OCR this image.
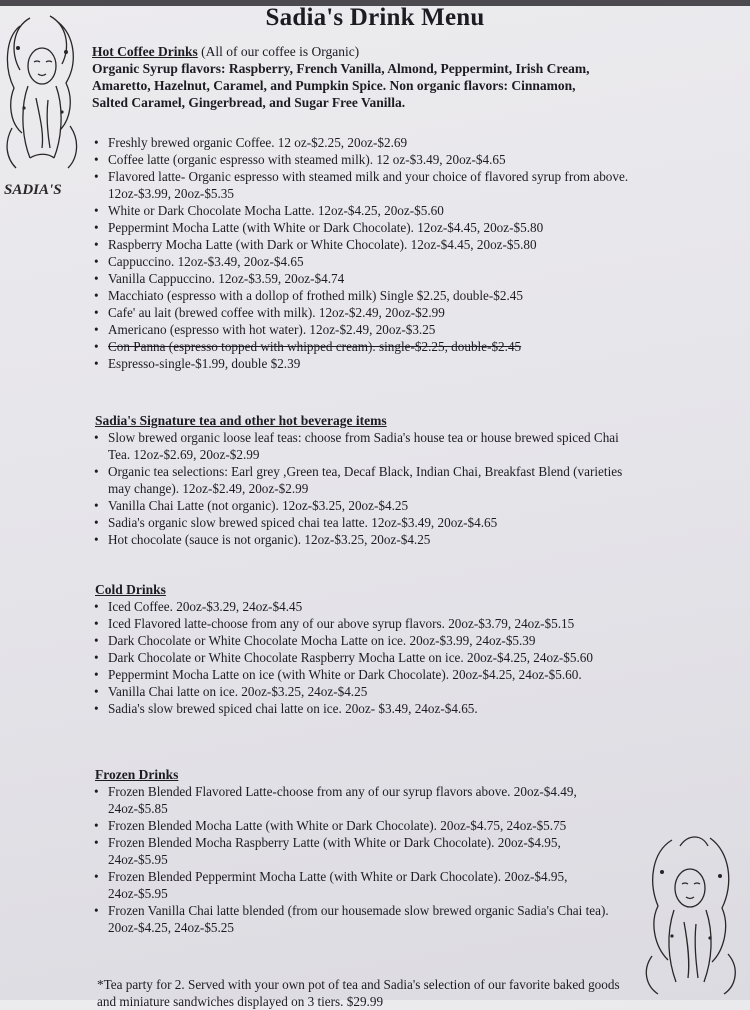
SADIA'S
Sadia's Drink Menu
Hot Coffee Drinks (All of our coffee is Organic)
Organic Syrup flavors: Raspberry, French Vanilla, Almond, Peppermint, Irish Cream, Amaretto, Hazelnut, Caramel, and Pumpkin Spice. Non organic flavors: Cinnamon, Salted Caramel, Gingerbread, and Sugar Free Vanilla.
• Freshly brewed organic Coffee. 12 oz-$2.25, 20oz-$2.69
• Coffee latte (organic espresso with steamed milk). 12 oz-$3.49, 20oz-$4.65
• Flavored latte- Organic espresso with steamed milk and your choice of flavored syrup from above. 12oz-$3.99, 20oz-$5.35
• White or Dark Chocolate Mocha Latte. 12oz-$4.25, 20oz-$5.60
• Peppermint Mocha Latte (with White or Dark Chocolate). 12oz-$4.45, 20oz-$5.80
• Raspberry Mocha Latte (with Dark or White Chocolate). 12oz-$4.45, 20oz-$5.80
• Cappuccino. 12oz-$3.49, 20oz-$4.65
• Vanilla Cappuccino. 12oz-$3.59, 20oz-$4.74
• Macchiato (espresso with a dollop of frothed milk) Single $2.25, double-$2.45
• Cafe' au lait (brewed coffee with milk). 12oz-$2.49, 20oz-$2.99
• Americano (espresso with hot water). 12oz-$2.49, 20oz-$3.25
• Con Panna (espresso topped with whipped cream). single-$2.25, double-$2.45
• Espresso-single-$1.99, double $2.39
Sadia's Signature tea and other hot beverage items
• Slow brewed organic loose leaf teas: choose from Sadia's house tea or house brewed spiced Chai Tea. 12oz-$2.69, 20oz-$2.99
• Organic tea selections: Earl grey ,Green tea, Decaf Black, Indian Chai, Breakfast Blend (varieties may change). 12oz-$2.49, 20oz-$2.99
• Vanilla Chai Latte (not organic). 12oz-$3.25, 20oz-$4.25
• Sadia's organic slow brewed spiced chai tea latte. 12oz-$3.49, 20oz-$4.65
• Hot chocolate (sauce is not organic). 12oz-$3.25, 20oz-$4.25
Cold Drinks
• Iced Coffee. 20oz-$3.29, 24oz-$4.45
• Iced Flavored latte-choose from any of our above syrup flavors. 20oz-$3.79, 24oz-$5.15
• Dark Chocolate or White Chocolate Mocha Latte on ice. 20oz-$3.99, 24oz-$5.39
• Dark Chocolate or White Chocolate Raspberry Mocha Latte on ice. 20oz-$4.25, 24oz-$5.60
• Peppermint Mocha Latte on ice (with White or Dark Chocolate). 20oz-$4.25, 24oz-$5.60.
• Vanilla Chai latte on ice. 20oz-$3.25, 24oz-$4.25
• Sadia's slow brewed spiced chai latte on ice. 20oz- $3.49, 24oz-$4.65.
Frozen Drinks
• Frozen Blended Flavored Latte-choose from any of our syrup flavors above. 20oz-$4.49, 24oz-$5.85
• Frozen Blended Mocha Latte (with White or Dark Chocolate). 20oz-$4.75, 24oz-$5.75
• Frozen Blended Mocha Raspberry Latte (with White or Dark Chocolate). 20oz-$4.95, 24oz-$5.95
• Frozen Blended Peppermint Mocha Latte (with White or Dark Chocolate). 20oz-$4.95, 24oz-$5.95
• Frozen Vanilla Chai latte blended (from our housemade slow brewed organic Sadia's Chai tea). 20oz-$4.25, 24oz-$5.25
*Tea party for 2. Served with your own pot of tea and Sadia's selection of our favorite baked goods and miniature sandwiches displayed on 3 tiers. $29.99
